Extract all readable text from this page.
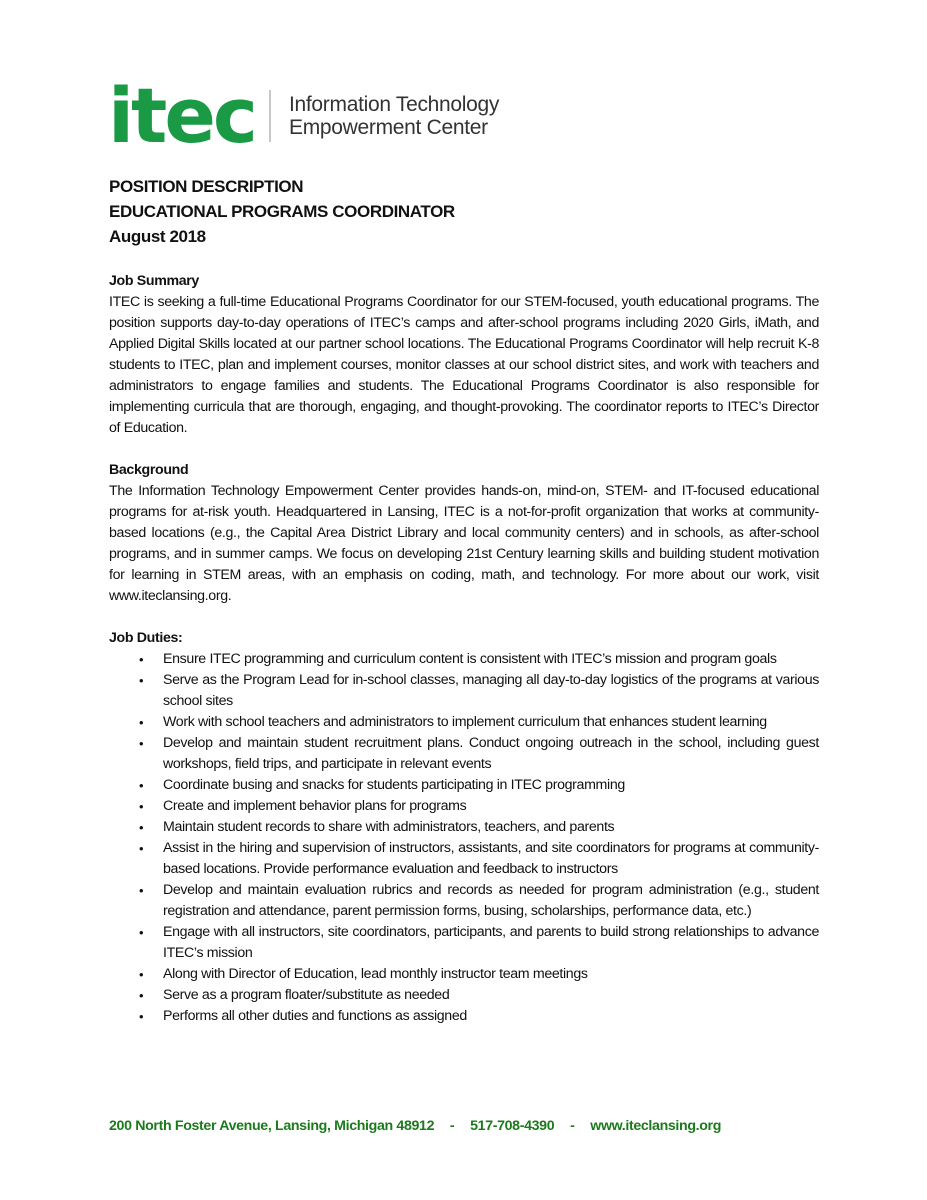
itec Information Technology
Empowerment Center
POSITION DESCRIPTION
EDUCATIONAL PROGRAMS COORDINATOR
August 2018
Job Summary
ITEC is seeking a full-time Educational Programs Coordinator for our STEM-focused, youth educational programs. The position supports day-to-day operations of ITEC’s camps and after-school programs including 2020 Girls, iMath, and Applied Digital Skills located at our partner school locations. The Educational Programs Coordinator will help recruit K-8 students to ITEC, plan and implement courses, monitor classes at our school district sites, and work with teachers and administrators to engage families and students. The Educational Programs Coordinator is also responsible for implementing curricula that are thorough, engaging, and thought-provoking. The coordinator reports to ITEC’s Director of Education.
Background
The Information Technology Empowerment Center provides hands-on, mind-on, STEM- and IT-focused educational programs for at-risk youth. Headquartered in Lansing, ITEC is a not-for-profit organization that works at community-based locations (e.g., the Capital Area District Library and local community centers) and in schools, as after-school programs, and in summer camps. We focus on developing 21st Century learning skills and building student motivation for learning in STEM areas, with an emphasis on coding, math, and technology. For more about our work, visit www.iteclansing.org.
Job Duties:
• Ensure ITEC programming and curriculum content is consistent with ITEC’s mission and program goals
• Serve as the Program Lead for in-school classes, managing all day-to-day logistics of the programs at various school sites
• Work with school teachers and administrators to implement curriculum that enhances student learning
• Develop and maintain student recruitment plans. Conduct ongoing outreach in the school, including guest workshops, field trips, and participate in relevant events
• Coordinate busing and snacks for students participating in ITEC programming
• Create and implement behavior plans for programs
• Maintain student records to share with administrators, teachers, and parents
• Assist in the hiring and supervision of instructors, assistants, and site coordinators for programs at community-based locations. Provide performance evaluation and feedback to instructors
• Develop and maintain evaluation rubrics and records as needed for program administration (e.g., student registration and attendance, parent permission forms, busing, scholarships, performance data, etc.)
• Engage with all instructors, site coordinators, participants, and parents to build strong relationships to advance ITEC’s mission
• Along with Director of Education, lead monthly instructor team meetings
• Serve as a program floater/substitute as needed
• Performs all other duties and functions as assigned
200 North Foster Avenue, Lansing, Michigan 48912 - 517-708-4390 - www.iteclansing.org
